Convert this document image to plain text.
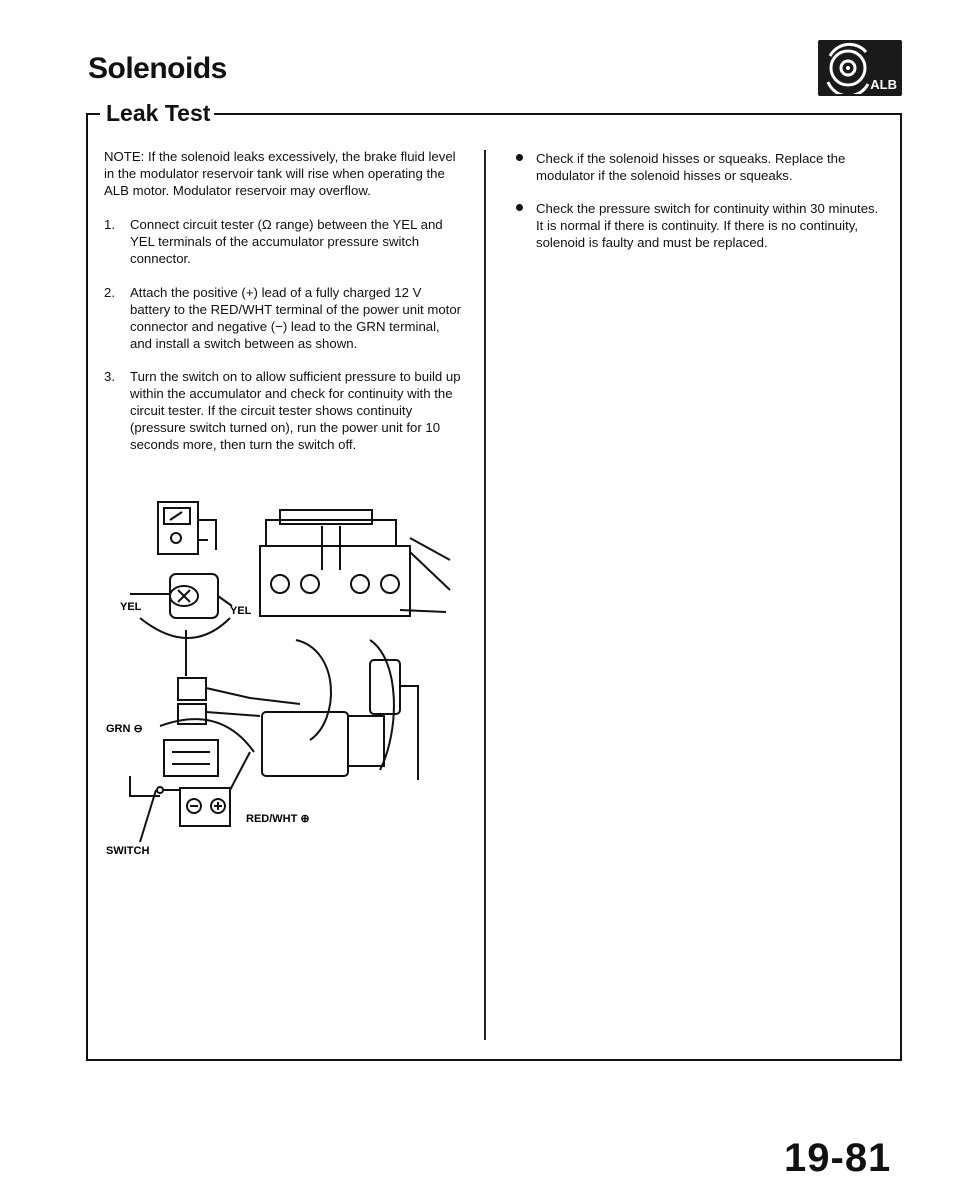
Solenoids
Leak Test
ALB
NOTE: If the solenoid leaks excessively, the brake fluid level in the modulator reservoir tank will rise when operating the ALB motor. Modulator reservoir may overflow.
1.	Connect circuit tester (Ω range) between the YEL and YEL terminals of the accumulator pressure switch connector.
2.	Attach the positive (+) lead of a fully charged 12 V battery to the RED/WHT terminal of the power unit motor connector and negative (−) lead to the GRN terminal, and install a switch between as shown.
3.	Turn the switch on to allow sufficient pressure to build up within the accumulator and check for continuity with the circuit tester. If the circuit tester shows continuity (pressure switch turned on), run the power unit for 10 seconds more, then turn the switch off.
YEL	YEL
GRN ⊖
RED/WHT ⊕
SWITCH
Check if the solenoid hisses or squeaks. Replace the modulator if the solenoid hisses or squeaks.
Check the pressure switch for continuity within 30 minutes. It is normal if there is continuity. If there is no continuity, solenoid is faulty and must be replaced.
19-81
